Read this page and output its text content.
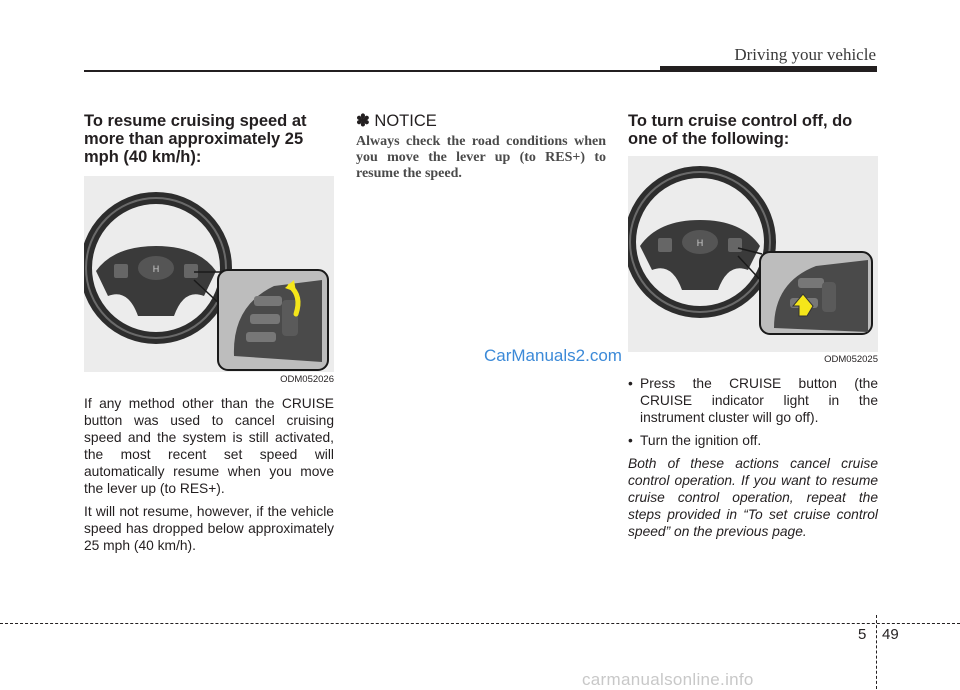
Driving your vehicle
To resume cruising speed at more than approximately 25 mph (40 km/h):
H
ODM052026

If any method other than the CRUISE button was used to cancel cruising speed and the system is still activated, the most recent set speed will automatically resume when you move the lever up (to RES+).

It will not resume, however, if the vehicle speed has dropped below approximately 25 mph (40 km/h).

✽ NOTICE

Always check the road conditions when you move the lever up (to RES+) to resume the speed.

CarManuals2.com
To turn cruise control off, do one of the following:
H
ODM052025
• Press the CRUISE button (the CRUISE indicator light in the instrument cluster will go off).
• Turn the ignition off.

Both of these actions cancel cruise control operation. If you want to resume cruise control operation, repeat the steps provided in “To set cruise control speed” on the previous page.

5 49
carmanualsonline.info
